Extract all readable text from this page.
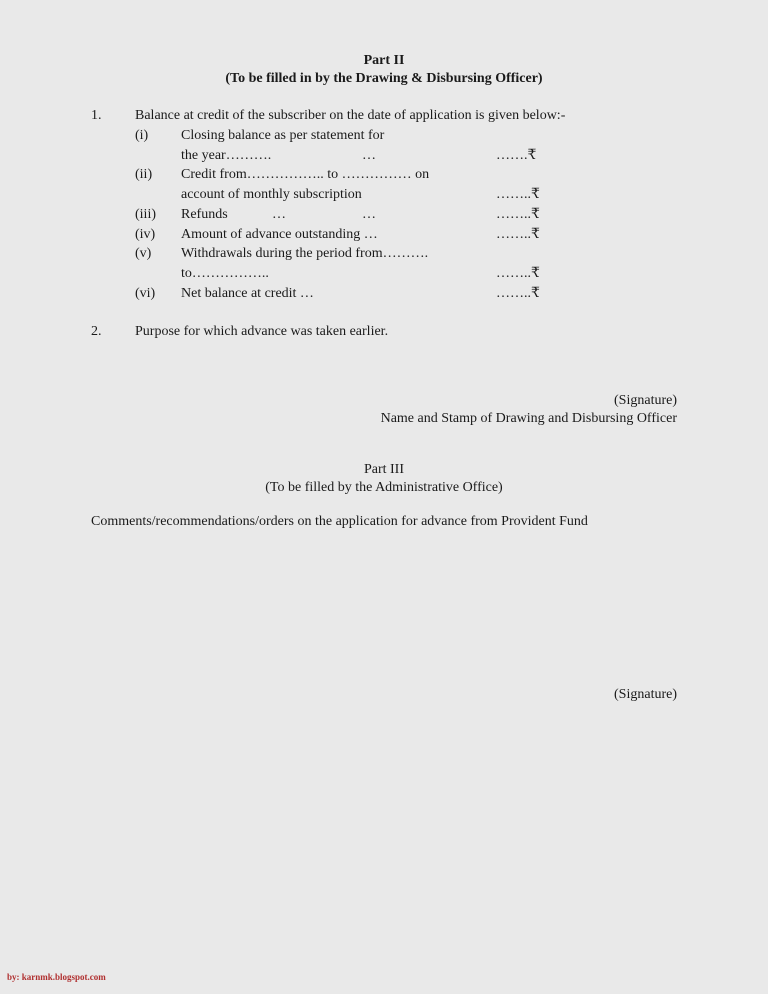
Part II
(To be filled in by the Drawing & Disbursing Officer)
1. Balance at credit of the subscriber on the date of application is given below:-
(i) Closing balance as per statement for
the year……….	…	…….₹
(ii) Credit from…………….. to …………… on
account of monthly subscription	……..₹
(iii) Refunds	…	…	……..₹
(iv) Amount of advance outstanding …	……..₹
(v) Withdrawals during the period from……….
to……………..	……..₹
(vi) Net balance at credit …	……..₹
2. Purpose for which advance was taken earlier.
(Signature)
Name and Stamp of Drawing and Disbursing Officer
Part III
(To be filled by the Administrative Office)
Comments/recommendations/orders on the application for advance from Provident Fund
(Signature)
by: karnmk.blogspot.com
